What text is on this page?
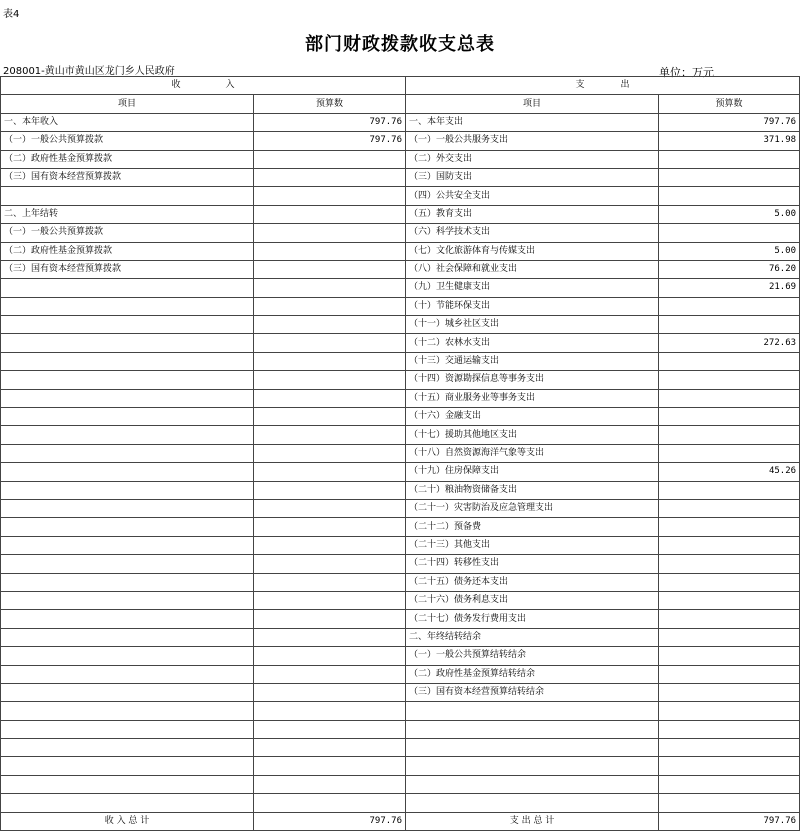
表4
部门财政拨款收支总表
208001-黄山市黄山区龙门乡人民政府	单位：万元
收　　　　　入		支　　　　出	
项目	预算数	项目	预算数
一、本年收入	797.76	一、本年支出	797.76
（一）一般公共预算拨款	797.76	（一）一般公共服务支出	371.98
（二）政府性基金预算拨款		（二）外交支出	
（三）国有资本经营预算拨款		（三）国防支出	
		（四）公共安全支出	
二、上年结转		（五）教育支出	5.00
（一）一般公共预算拨款		（六）科学技术支出	
（二）政府性基金预算拨款		（七）文化旅游体育与传媒支出	5.00
（三）国有资本经营预算拨款		（八）社会保障和就业支出	76.20
		（九）卫生健康支出	21.69
		（十）节能环保支出	
		（十一）城乡社区支出	
		（十二）农林水支出	272.63
		（十三）交通运输支出	
		（十四）资源勘探信息等事务支出	
		（十五）商业服务业等事务支出	
		（十六）金融支出	
		（十七）援助其他地区支出	
		（十八）自然资源海洋气象等支出	
		（十九）住房保障支出	45.26
		（二十）粮油物资储备支出	
		（二十一）灾害防治及应急管理支出	
		（二十二）预备费	
		（二十三）其他支出	
		（二十四）转移性支出	
		（二十五）债务还本支出	
		（二十六）债务利息支出	
		（二十七）债务发行费用支出	
		二、年终结转结余	
		（一）一般公共预算结转结余	
		（二）政府性基金预算结转结余	
		（三）国有资本经营预算结转结余	

收 入 总 计	797.76	支 出 总 计	797.76
